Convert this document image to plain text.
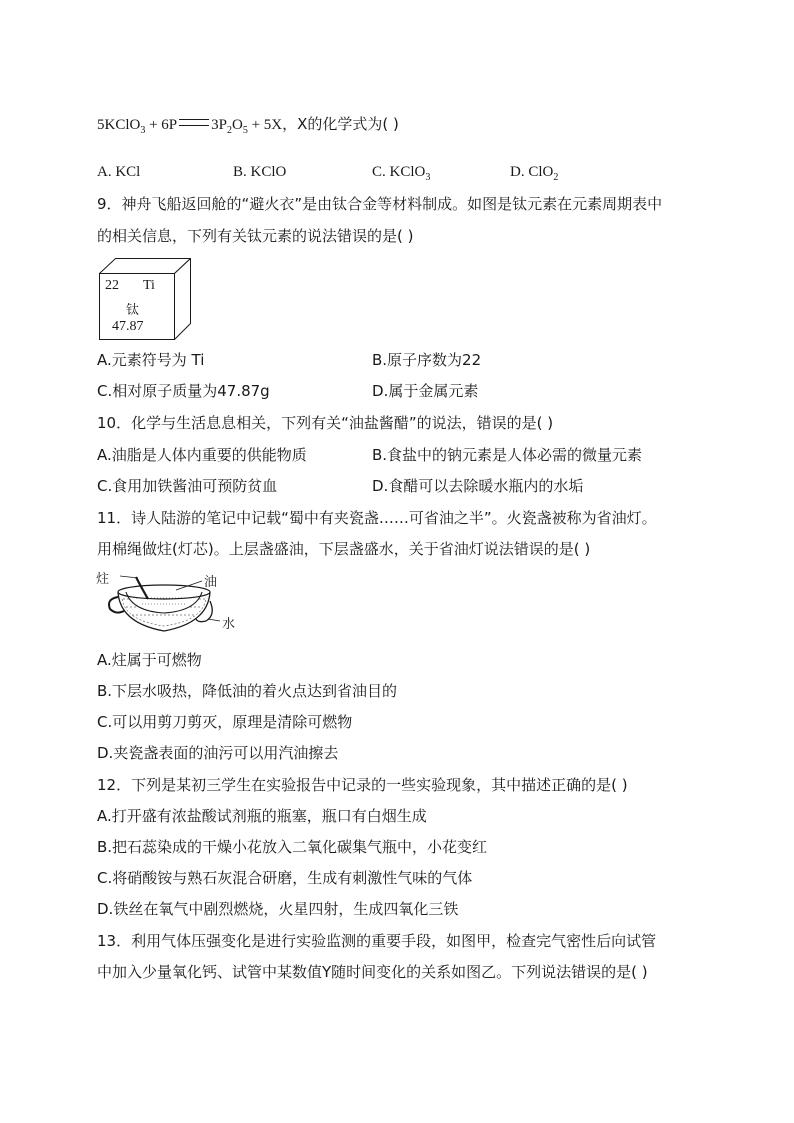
5KClO$_3$ + 6P $3P_2O_5 + 5X$，X的化学式为( )
A. KCl	B. KClO	C. KClO$_3$	D. ClO$_2$
9．神舟飞船返回舱的“避火衣”是由钛合金等材料制成。如图是钛元素在元素周期表中
的相关信息，下列有关钛元素的说法错误的是( )
22 Ti
钛
47.87
A.元素符号为 Ti	B.原子序数为22
C.相对原子质量为47.87g	D.属于金属元素
10．化学与生活息息相关，下列有关“油盐酱醋”的说法，错误的是( )
A.油脂是人体内重要的供能物质	B.食盐中的钠元素是人体必需的微量元素
C.食用加铁酱油可预防贫血	D.食醋可以去除暖水瓶内的水垢
11．诗人陆游的笔记中记载“蜀中有夹瓷盏……可省油之半”。火瓷盏被称为省油灯。
用棉绳做炷(灯芯)。上层盏盛油，下层盏盛水，关于省油灯说法错误的是( )
炷	油
水
A.炷属于可燃物
B.下层水吸热，降低油的着火点达到省油目的
C.可以用剪刀剪灭，原理是清除可燃物
D.夹瓷盏表面的油污可以用汽油擦去
12．下列是某初三学生在实验报告中记录的一些实验现象，其中描述正确的是( )
A.打开盛有浓盐酸试剂瓶的瓶塞，瓶口有白烟生成
B.把石蕊染成的干燥小花放入二氧化碳集气瓶中，小花变红
C.将硝酸铵与熟石灰混合研磨，生成有刺激性气味的气体
D.铁丝在氧气中剧烈燃烧，火星四射，生成四氧化三铁
13．利用气体压强变化是进行实验监测的重要手段，如图甲，检查完气密性后向试管
中加入少量氧化钙、试管中某数值Y随时间变化的关系如图乙。下列说法错误的是( )
